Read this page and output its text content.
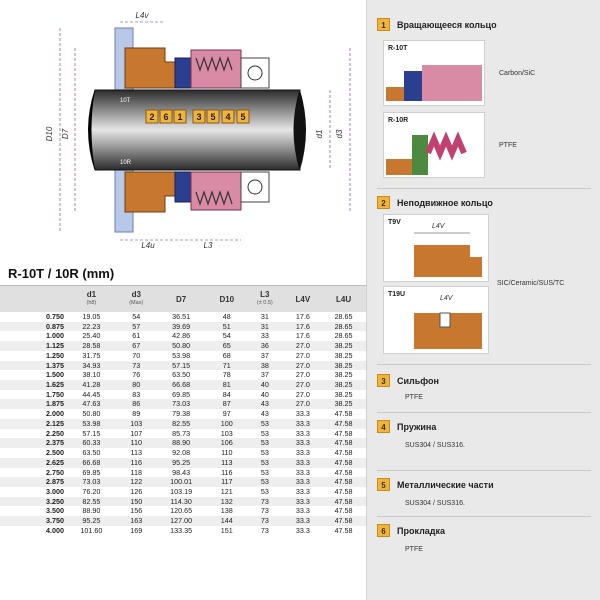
L4v
L4u	L3
D10 D7	d1 d3
10T
10R
2 6 1 3 5 4 5
R-10T / 10R (mm)
	d1
(h8)	d3
(Max)	D7	D10	L3
(± 0.5)	L4V	L4U
0.750	19.05	54	36.51	48	31	17.6	28.65
0.875	22.23	57	39.69	51	31	17.6	28.65
1.000	25.40	61	42.86	54	33	17.6	28.65
1.125	28.58	67	50.80	65	36	27.0	38.25
1.250	31.75	70	53.98	68	37	27.0	38.25
1.375	34.93	73	57.15	71	38	27.0	38.25
1.500	38.10	76	63.50	78	37	27.0	38.25
1.625	41.28	80	66.68	81	40	27.0	38.25
1.750	44.45	83	69.85	84	40	27.0	38.25
1.875	47.63	86	73.03	87	43	27.0	38.25
2.000	50.80	89	79.38	97	43	33.3	47.58
2.125	53.98	103	82.55	100	53	33.3	47.58
2.250	57.15	107	85.73	103	53	33.3	47.58
2.375	60.33	110	88.90	106	53	33.3	47.58
2.500	63.50	113	92.08	110	53	33.3	47.58
2.625	66.68	116	95.25	113	53	33.3	47.58
2.750	69.85	118	98.43	116	53	33.3	47.58
2.875	73.03	122	100.01	117	53	33.3	47.58
3.000	76.20	126	103.19	121	53	33.3	47.58
3.250	82.55	150	114.30	132	73	33.3	47.58
3.500	88.90	156	120.65	138	73	33.3	47.58
3.750	95.25	163	127.00	144	73	33.3	47.58
4.000	101.60	169	133.35	151	73	33.3	47.58
1	Вращающееся кольцо
R-10T
Carbon/SiC
R-10R
PTFE
2	Неподвижное кольцо
T9V
L4V
T19U
L4V
SIC/Ceramic/SUS/TC
3	Сильфон
PTFE
4	Пружина
SUS304 / SUS316.
5	Металлические части
SUS304 / SUS316.
6	Прокладка
PTFE
